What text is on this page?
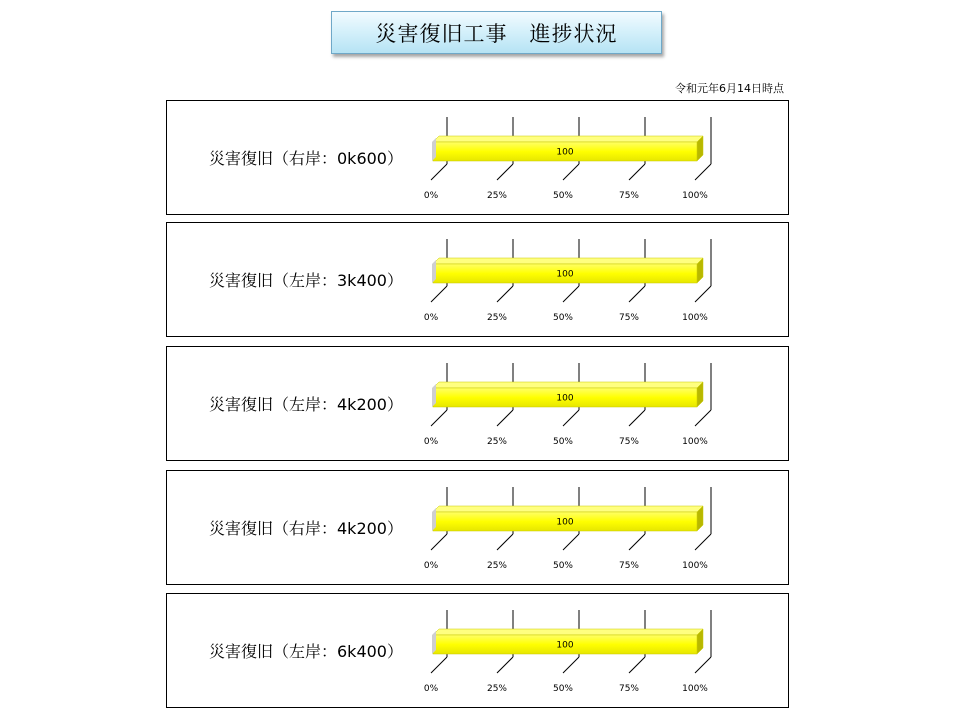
災害復旧工事　進捗状況
令和元年6月14日時点
災害復旧（右岸：0k600）	100
0%	25%	50%	75%	100%
災害復旧（左岸：3k400）	100
0%	25%	50%	75%	100%
災害復旧（左岸：4k200）	100
0%	25%	50%	75%	100%
災害復旧（右岸：4k200）	100
0%	25%	50%	75%	100%
災害復旧（左岸：6k400）	100
0%	25%	50%	75%	100%
